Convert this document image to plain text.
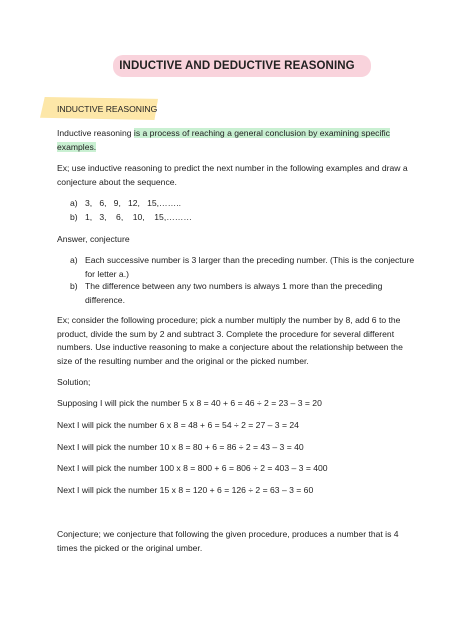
INDUCTIVE AND DEDUCTIVE REASONING
INDUCTIVE REASONING
Inductive reasoning is a process of reaching a general conclusion by examining specific
examples.
Ex; use inductive reasoning to predict the next number in the following examples and draw a
conjecture about the sequence.
a) 3,   6,   9,   12,   15,……..
b) 1,   3,    6,    10,    15,………
Answer, conjecture
a) Each successive number is 3 larger than the preceding number. (This is the conjecture
for letter a.)
b) The difference between any two numbers is always 1 more than the preceding
difference.
Ex; consider the following procedure; pick a number multiply the number by 8, add 6 to the
product, divide the sum by 2 and subtract 3. Complete the procedure for several different
numbers. Use inductive reasoning to make a conjecture about the relationship between the
size of the resulting number and the original or the picked number.
Solution;
Supposing I will pick the number 5 x 8 = 40 + 6 = 46 ÷ 2 = 23 – 3 = 20
Next I will pick the number 6 x 8 = 48 + 6 = 54 ÷ 2 = 27 – 3 = 24
Next I will pick the number 10 x 8 = 80 + 6 = 86 ÷ 2 = 43 – 3 = 40
Next I will pick the number 100 x 8 = 800 + 6 = 806 ÷ 2 = 403 – 3 = 400
Next I will pick the number 15 x 8 = 120 + 6 = 126 ÷ 2 = 63 – 3 = 60
Conjecture; we conjecture that following the given procedure, produces a number that is 4
times the picked or the original umber.
